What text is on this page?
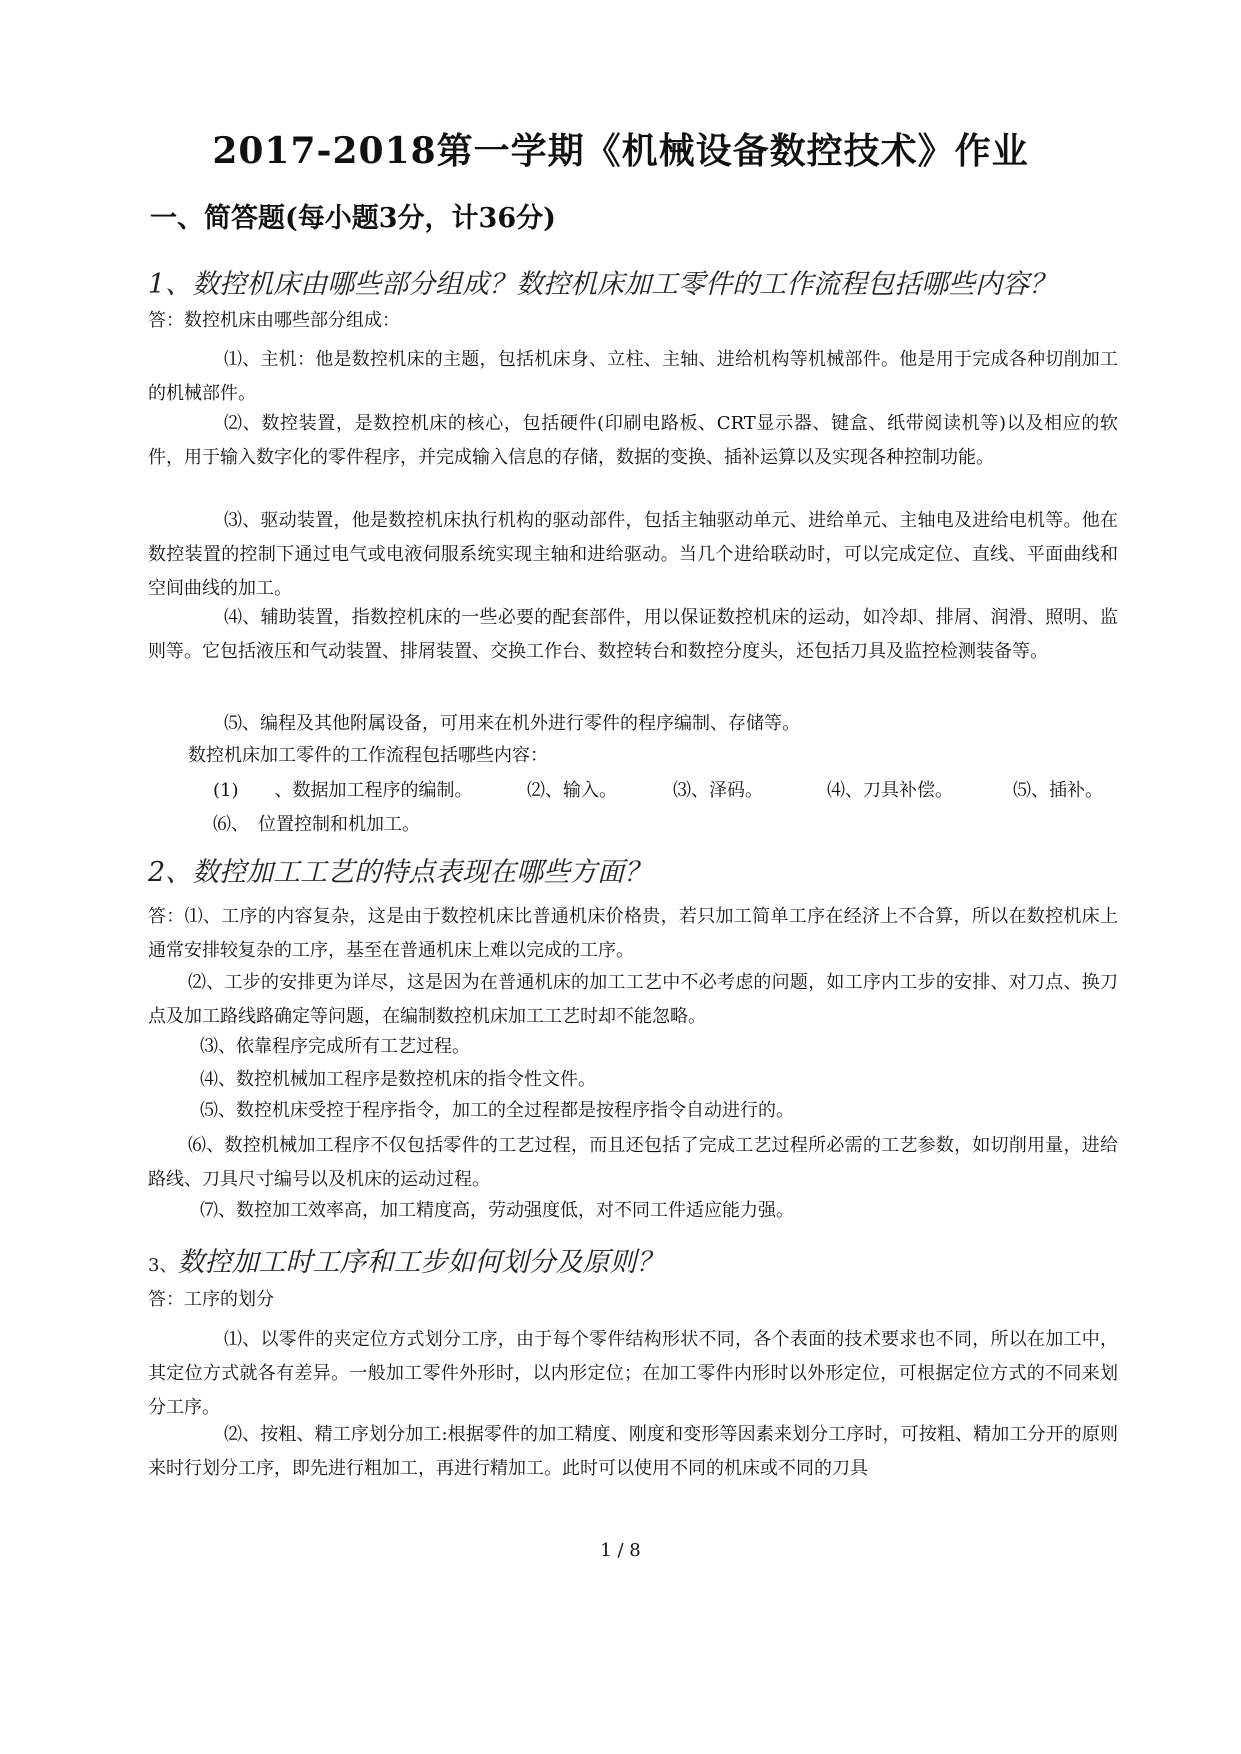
2017-2018第一学期《机械设备数控技术》作业
一、简答题(每小题3分，计36分)
1、数控机床由哪些部分组成？数控机床加工零件的工作流程包括哪些内容？

答：数控机床由哪些部分组成：

⑴、主机：他是数控机床的主题，包括机床身、立柱、主轴、进给机构等机械部件。他是用于完成各种切削加工的机械部件。

⑵、数控装置，是数控机床的核心，包括硬件(印刷电路板、CRT显示器、键盒、纸带阅读机等)以及相应的软件，用于输入数字化的零件程序，并完成输入信息的存储，数据的变换、插补运算以及实现各种控制功能。

⑶、驱动装置，他是数控机床执行机构的驱动部件，包括主轴驱动单元、进给单元、主轴电及进给电机等。他在数控装置的控制下通过电气或电液伺服系统实现主轴和进给驱动。当几个进给联动时，可以完成定位、直线、平面曲线和空间曲线的加工。

⑷、辅助装置，指数控机床的一些必要的配套部件，用以保证数控机床的运动，如冷却、排屑、润滑、照明、监则等。它包括液压和气动装置、排屑装置、交换工作台、数控转台和数控分度头，还包括刀具及监控检测装备等。

⑸、编程及其他附属设备，可用来在机外进行零件的程序编制、存储等。

数控机床加工零件的工作流程包括哪些内容：

(1)　　、数据加工程序的编制。	⑵、输入。	⑶、泽码。	⑷、刀具补偿。	⑸、插补。
⑹、　位置控制和机加工。
2、数控加工工艺的特点表现在哪些方面？

答：⑴、工序的内容复杂，这是由于数控机床比普通机床价格贵，若只加工简单工序在经济上不合算，所以在数控机床上通常安排较复杂的工序，基至在普通机床上难以完成的工序。

⑵、工步的安排更为详尽，这是因为在普通机床的加工工艺中不必考虑的问题，如工序内工步的安排、对刀点、换刀点及加工路线路确定等问题，在编制数控机床加工工艺时却不能忽略。

⑶、依靠程序完成所有工艺过程。

⑷、数控机械加工程序是数控机床的指令性文件。

⑸、数控机床受控于程序指令，加工的全过程都是按程序指令自动进行的。

⑹、数控机械加工程序不仅包括零件的工艺过程，而且还包括了完成工艺过程所必需的工艺参数，如切削用量，进给路线、刀具尺寸编号以及机床的运动过程。

⑺、数控加工效率高，加工精度高，劳动强度低，对不同工件适应能力强。

3、数控加工时工序和工步如何划分及原则？

答：工序的划分

⑴、以零件的夹定位方式划分工序，由于每个零件结构形状不同，各个表面的技术要求也不同，所以在加工中，其定位方式就各有差异。一般加工零件外形时，以内形定位；在加工零件内形时以外形定位，可根据定位方式的不同来划分工序。

⑵、按粗、精工序划分加工:根据零件的加工精度、刚度和变形等因素来划分工序时，可按粗、精加工分开的原则来时行划分工序，即先进行粗加工，再进行精加工。此时可以使用不同的机床或不同的刀具

1 / 8
